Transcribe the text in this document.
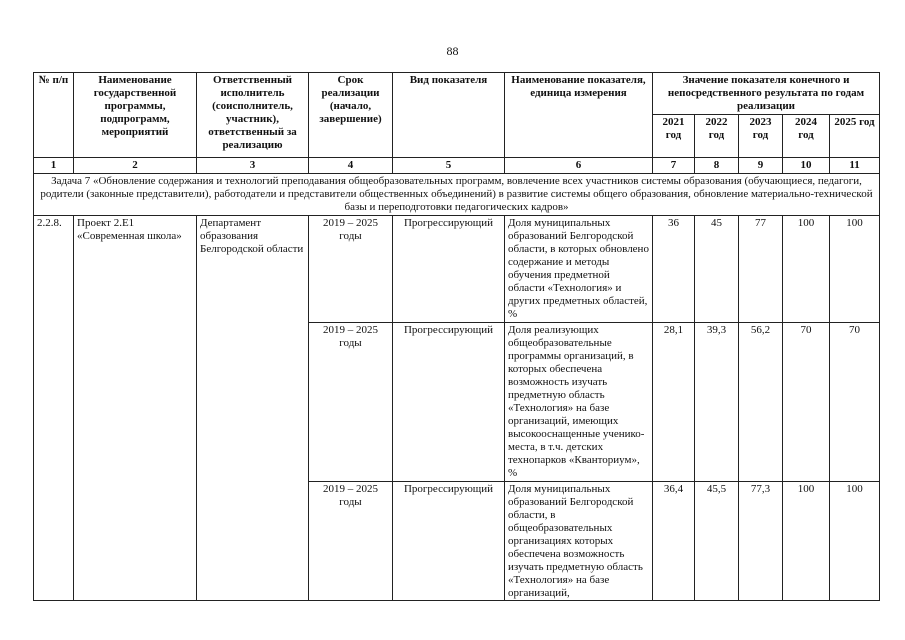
88
№ п/п	Наименование государственной программы, подпрограмм, мероприятий	Ответственный исполнитель (соисполнитель, участник), ответственный за реализацию	Срок реализации (начало, завершение)	Вид показателя	Наименование показателя, единица измерения	Значение показателя конечного и непосредственного результата по годам реализации				
						2021 год	2022 год	2023 год	2024 год	2025 год
1	2	3	4	5	6	7	8	9	10	11
Задача 7 «Обновление содержания и технологий преподавания общеобразовательных программ, вовлечение всех участников системы образования (обучающиеся, педагоги, родители (законные представители), работодатели и представители общественных объединений) в развитие системы общего образования, обновление материально-технической базы и переподготовки педагогических кадров»										
2.2.8.	Проект 2.Е1 «Современная школа»	Департамент образования Белгородской области	2019 – 2025 годы	Прогрессирующий	Доля муниципальных образований Белгородской области, в которых обновлено содержание и методы обучения предметной области «Технология» и других предметных областей, %	36	45	77	100	100
			2019 – 2025 годы	Прогрессирующий	Доля реализующих общеобразовательные программы организаций, в которых обеспечена возможность изучать предметную область «Технология» на базе организаций, имеющих высокооснащенные ученико-места, в т.ч. детских технопарков «Кванториум», %	28,1	39,3	56,2	70	70

			2019 – 2025 годы	Прогрессирующий	Доля муниципальных образований Белгородской области, в общеобразовательных организациях которых обеспечена возможность изучать предметную область «Технология» на базе организаций,	36,4	45,5	77,3	100	100
